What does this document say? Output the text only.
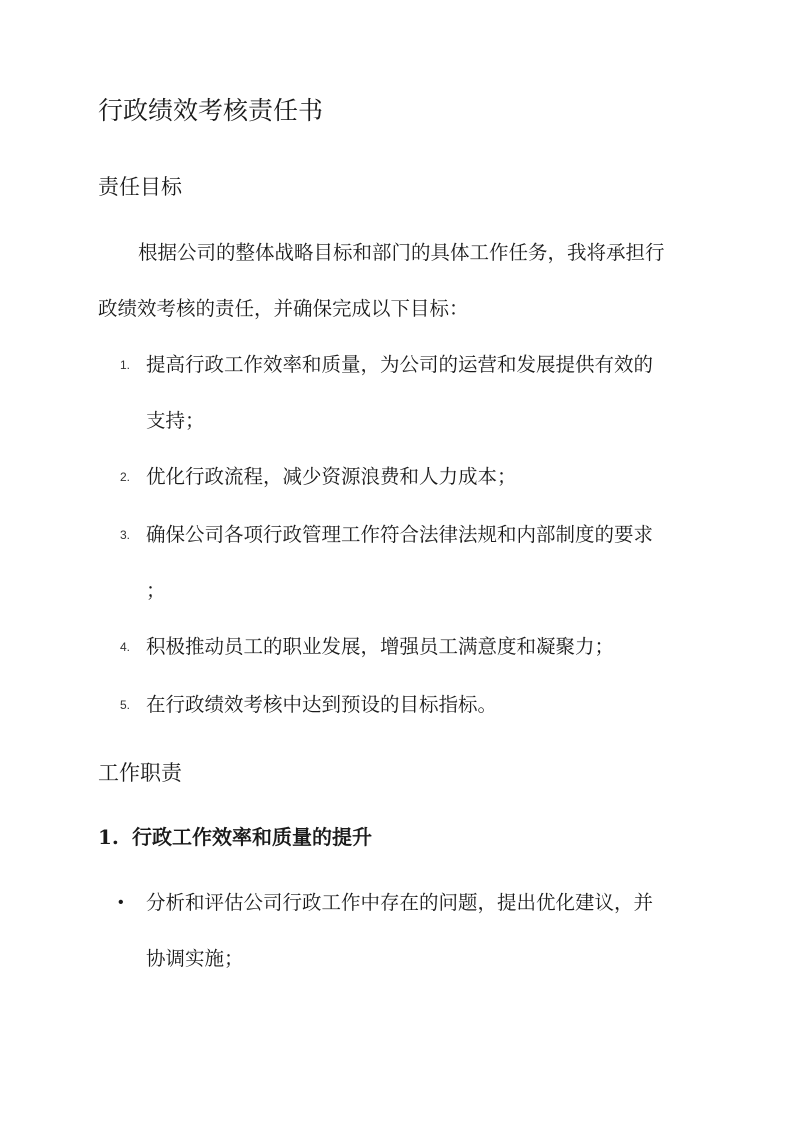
行政绩效考核责任书
责任目标
根据公司的整体战略目标和部门的具体工作任务，我将承担行
政绩效考核的责任，并确保完成以下目标：
1. 提高行政工作效率和质量，为公司的运营和发展提供有效的
支持；
2. 优化行政流程，减少资源浪费和人力成本；
3. 确保公司各项行政管理工作符合法律法规和内部制度的要求
；
4. 积极推动员工的职业发展，增强员工满意度和凝聚力；
5. 在行政绩效考核中达到预设的目标指标。
工作职责
1. 行政工作效率和质量的提升
• 分析和评估公司行政工作中存在的问题，提出优化建议，并
协调实施；
